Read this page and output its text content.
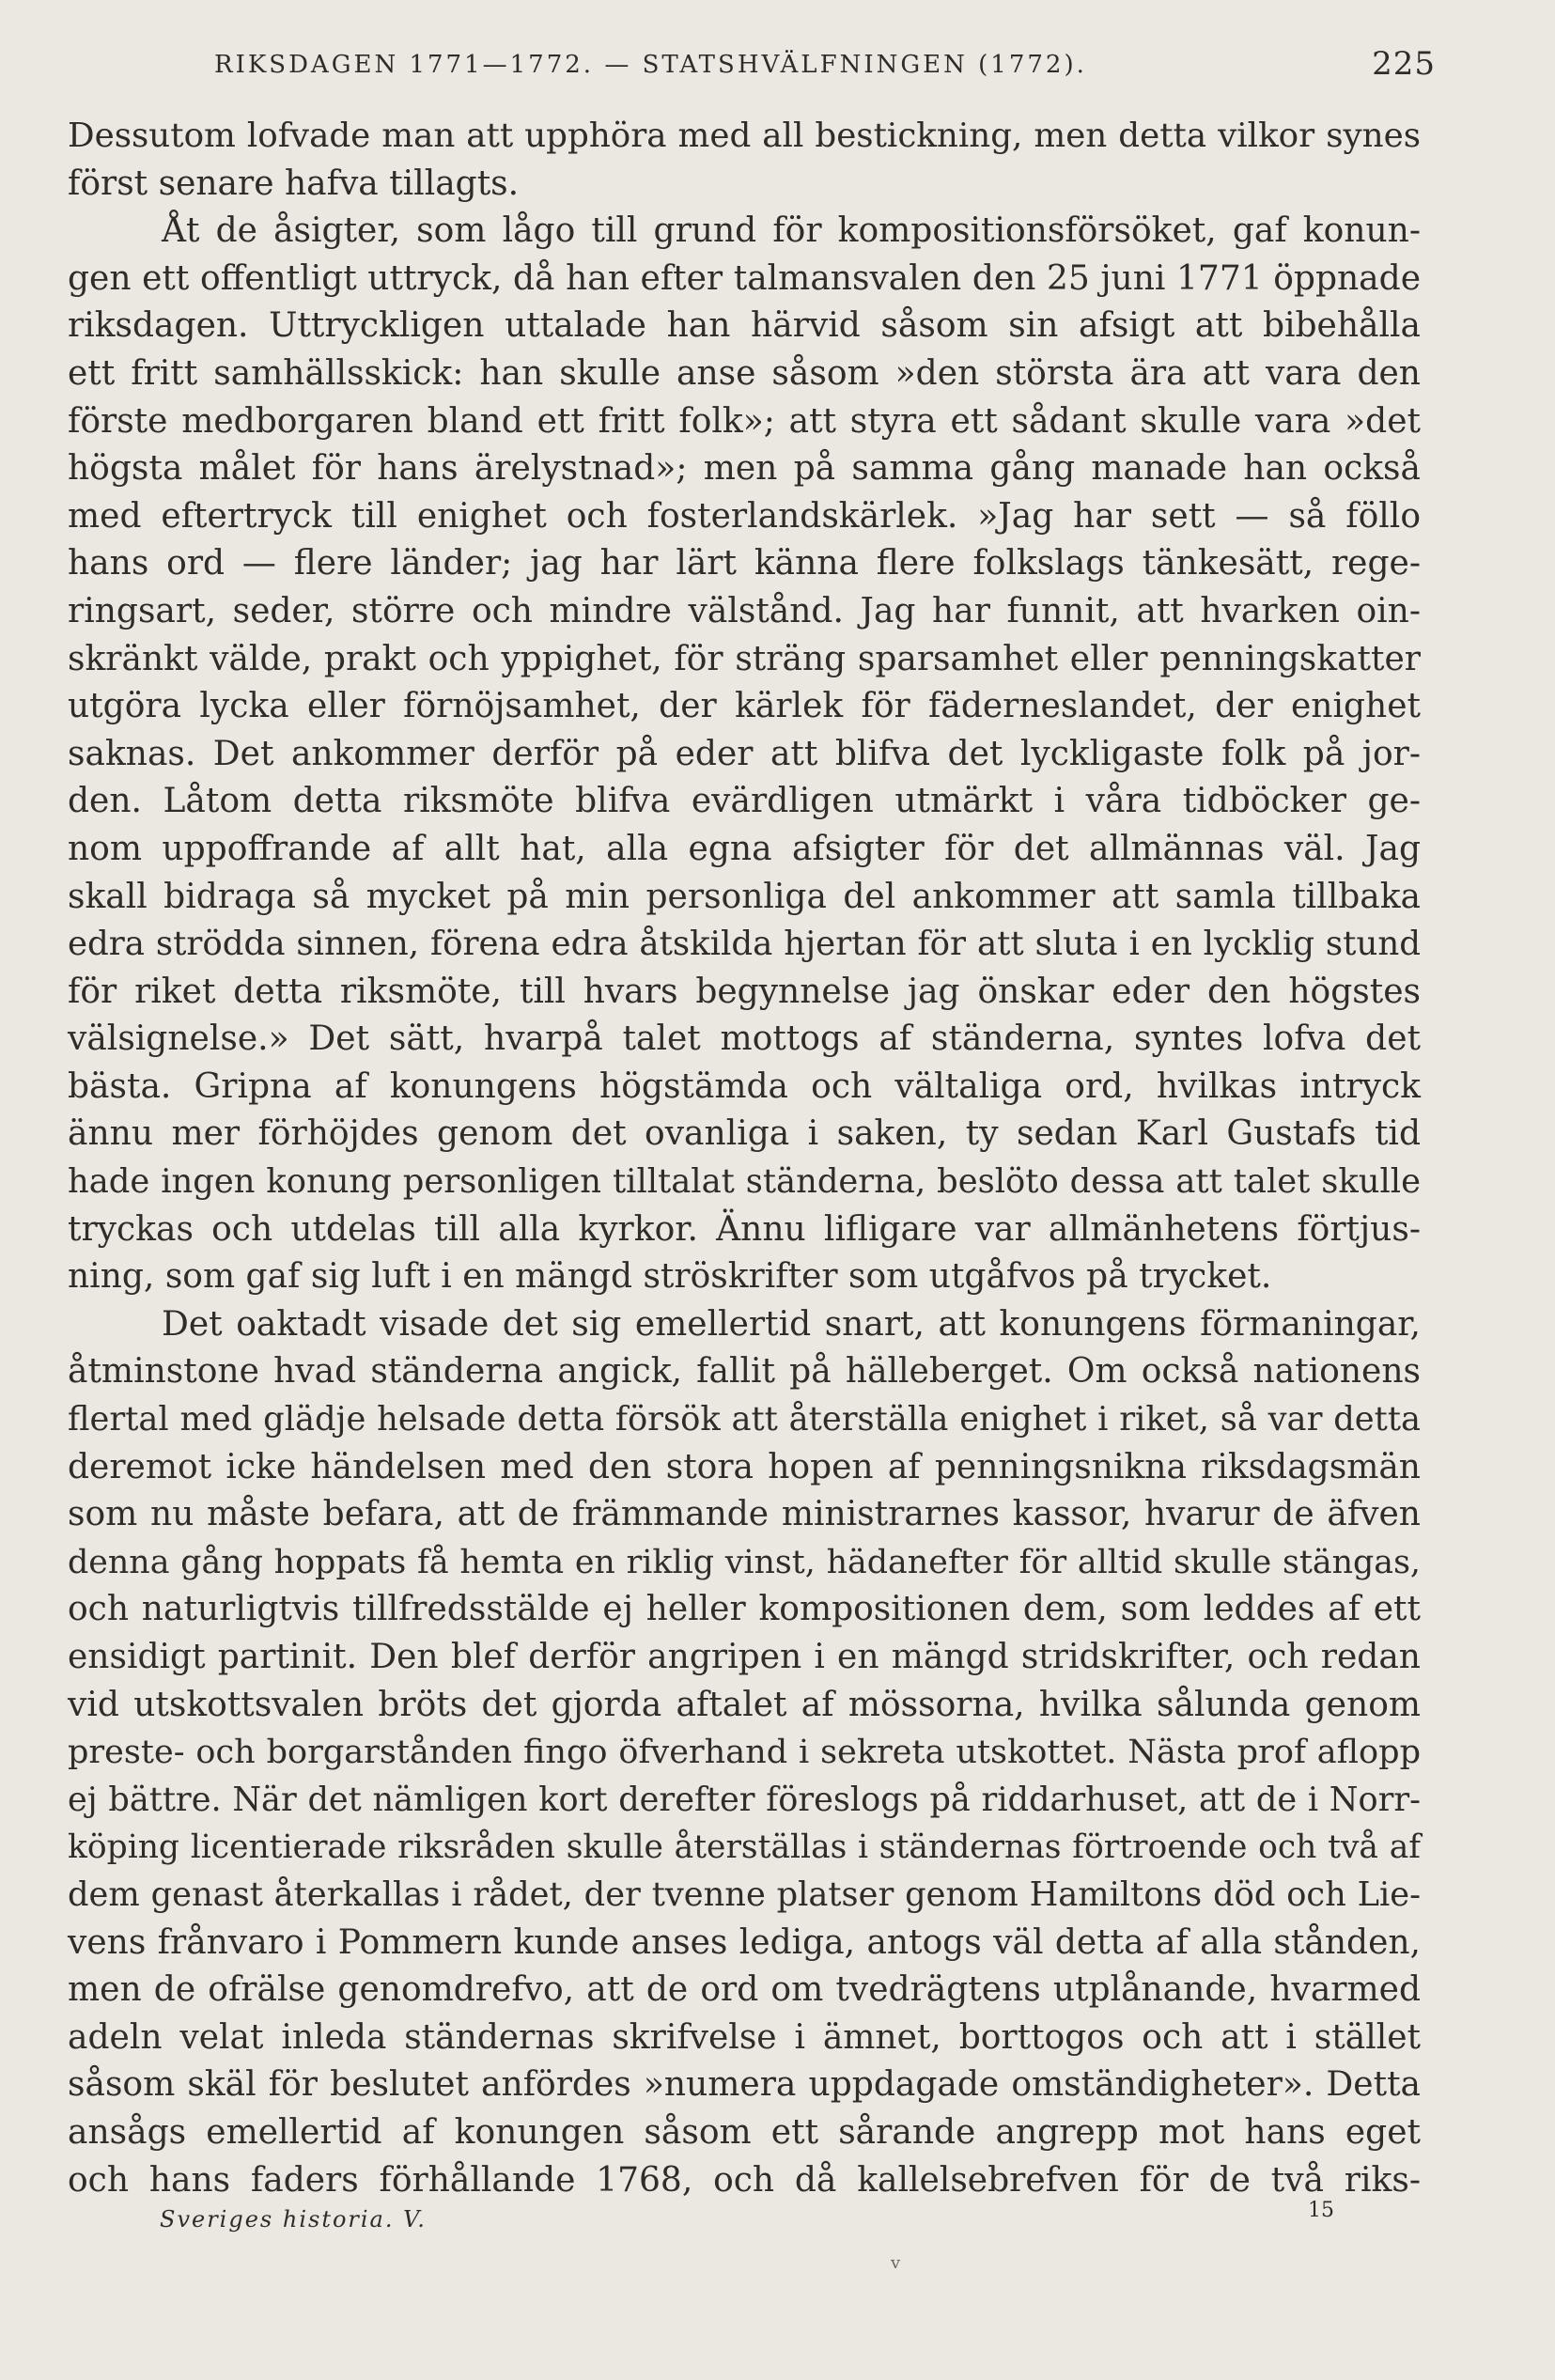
RIKSDAGEN 1771—1772. — STATSHVÄLFNINGEN (1772).	225
Dessutom lofvade man att upphöra med all bestickning, men detta vilkor synes
först senare hafva tillagts.
Åt de åsigter, som lågo till grund för kompositionsförsöket, gaf konun-
gen ett offentligt uttryck, då han efter talmansvalen den 25 juni 1771 öppnade
riksdagen. Uttryckligen uttalade han härvid såsom sin afsigt att bibehålla
ett fritt samhällsskick: han skulle anse såsom »den största ära att vara den
förste medborgaren bland ett fritt folk»; att styra ett sådant skulle vara »det
högsta målet för hans ärelystnad»; men på samma gång manade han också
med eftertryck till enighet och fosterlandskärlek. »Jag har sett — så föllo
hans ord — flere länder; jag har lärt känna flere folkslags tänkesätt, rege-
ringsart, seder, större och mindre välstånd. Jag har funnit, att hvarken oin-
skränkt välde, prakt och yppighet, för sträng sparsamhet eller penningskatter
utgöra lycka eller förnöjsamhet, der kärlek för fäderneslandet, der enighet
saknas. Det ankommer derför på eder att blifva det lyckligaste folk på jor-
den. Låtom detta riksmöte blifva evärdligen utmärkt i våra tidböcker ge-
nom uppoffrande af allt hat, alla egna afsigter för det allmännas väl. Jag
skall bidraga så mycket på min personliga del ankommer att samla tillbaka
edra strödda sinnen, förena edra åtskilda hjertan för att sluta i en lycklig stund
för riket detta riksmöte, till hvars begynnelse jag önskar eder den högstes
välsignelse.» Det sätt, hvarpå talet mottogs af ständerna, syntes lofva det
bästa. Gripna af konungens högstämda och vältaliga ord, hvilkas intryck
ännu mer förhöjdes genom det ovanliga i saken, ty sedan Karl Gustafs tid
hade ingen konung personligen tilltalat ständerna, beslöto dessa att talet skulle
tryckas och utdelas till alla kyrkor. Ännu lifligare var allmänhetens förtjus-
ning, som gaf sig luft i en mängd ströskrifter som utgåfvos på trycket.
Det oaktadt visade det sig emellertid snart, att konungens förmaningar,
åtminstone hvad ständerna angick, fallit på hälleberget. Om också nationens
flertal med glädje helsade detta försök att återställa enighet i riket, så var detta
deremot icke händelsen med den stora hopen af penningsnikna riksdagsmän
som nu måste befara, att de främmande ministrarnes kassor, hvarur de äfven
denna gång hoppats få hemta en riklig vinst, hädanefter för alltid skulle stängas,
och naturligtvis tillfredsstälde ej heller kompositionen dem, som leddes af ett
ensidigt partinit. Den blef derför angripen i en mängd stridskrifter, och redan
vid utskottsvalen bröts det gjorda aftalet af mössorna, hvilka sålunda genom
preste- och borgarstånden fingo öfverhand i sekreta utskottet. Nästa prof aflopp
ej bättre. När det nämligen kort derefter föreslogs på riddarhuset, att de i Norr-
köping licentierade riksråden skulle återställas i ständernas förtroende och två af
dem genast återkallas i rådet, der tvenne platser genom Hamiltons död och Lie-
vens frånvaro i Pommern kunde anses lediga, antogs väl detta af alla stånden,
men de ofrälse genomdrefvo, att de ord om tvedrägtens utplånande, hvarmed
adeln velat inleda ständernas skrifvelse i ämnet, borttogos och att i stället
såsom skäl för beslutet anfördes »numera uppdagade omständigheter». Detta
ansågs emellertid af konungen såsom ett sårande angrepp mot hans eget
och hans faders förhållande 1768, och då kallelsebrefven för de två riks-
Sveriges historia. V.	15
v
